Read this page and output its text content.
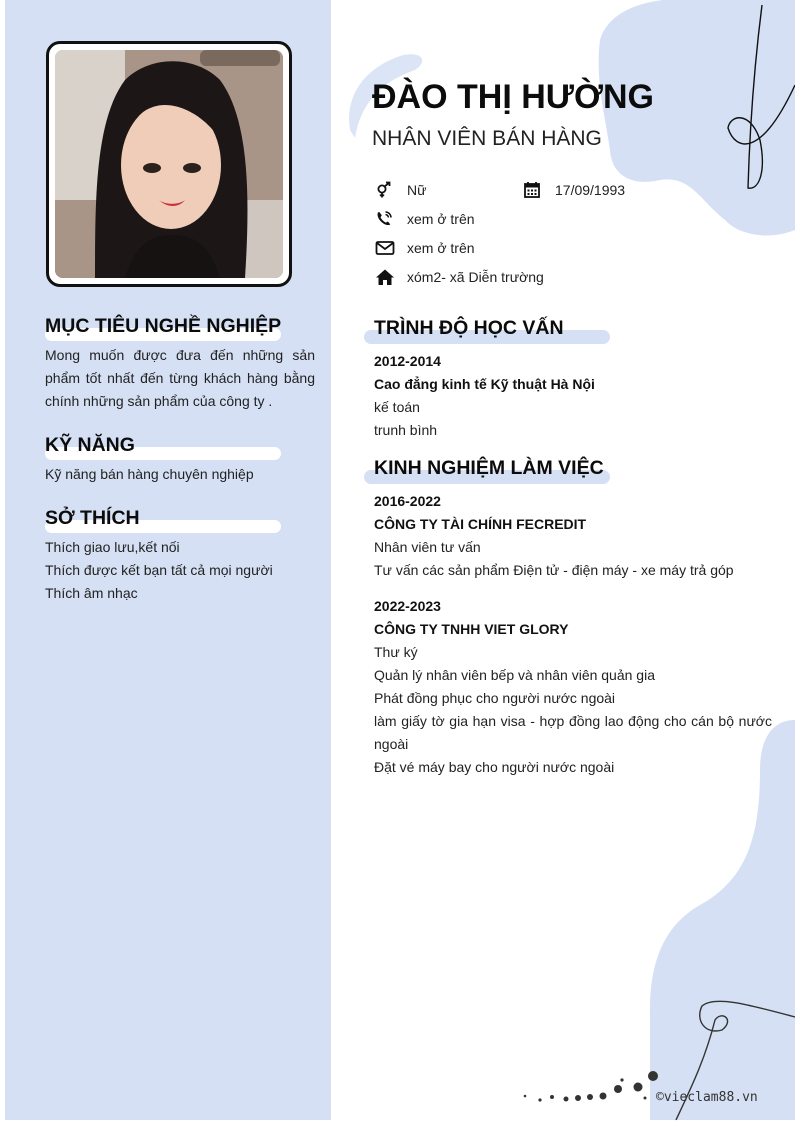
MỤC TIÊU NGHỀ NGHIỆP
Mong muốn được đưa đến những sản phẩm tốt nhất đến từng khách hàng bằng chính những sản phẩm của công ty .
KỸ NĂNG
Kỹ năng bán hàng chuyên nghiệp
SỞ THÍCH
Thích giao lưu,kết nối
Thích được kết bạn tất cả mọi người
Thích âm nhạc
ĐÀO THỊ HƯỜNG
NHÂN VIÊN BÁN HÀNG
Nữ	17/09/1993
xem ở trên
xem ở trên
xóm2- xã Diễn trường
TRÌNH ĐỘ HỌC VẤN
2012-2014
Cao đẳng kinh tế Kỹ thuật Hà Nội
kế toán
trunh bình
KINH NGHIỆM LÀM VIỆC
2016-2022
CÔNG TY TÀI CHÍNH FECREDIT
Nhân viên tư vấn
Tư vấn các sản phẩm Điện tử - điện máy - xe máy trả góp
2022-2023
CÔNG TY TNHH VIET GLORY
Thư ký
Quản lý nhân viên bếp và nhân viên quản gia
Phát đồng phục cho người nước ngoài
làm giấy tờ gia hạn visa - hợp đồng lao động cho cán bộ nước ngoài
Đặt vé máy bay cho người nước ngoài
©vieclam88.vn
